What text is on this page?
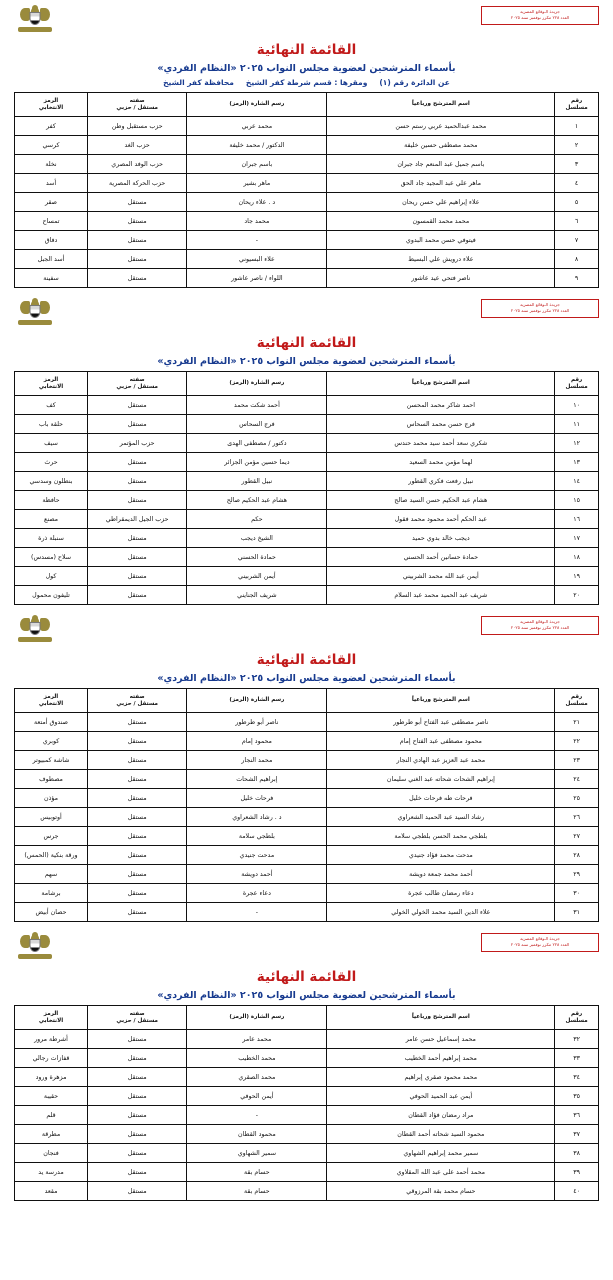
جريدة الـوقائع المصرية
العدد ٢٢٨ مكرر نوفمبر سنة ٢٠٢٥
القائمة النهائية
بأسماء المترشحين لعضوية مجلس النواب ٢٠٢٥ «النظام الفردي»
عن الدائرة رقم (١)ومقرها : قسم شرطة كفر الشيخمحافظة كفر الشيخ
رقم
مسلسل	اسم المترشح ورباعياً	رسم الشارة (الرمز)	صفته
مستقل / حزبي	الرمز
الانتخابي

١	محمد عبدالحميد عربي رستم حسن	محمد عربي	حزب مستقبل وطن	كفر
٢	محمد مصطفى حسين خليفة	الدكتور / محمد خليفة	حزب الغد	كرسي
٣	باسم جميل عبد المنعم جاد جبران	باسم جبران	حزب الوفد المصري	نخلة
٤	ماهر علي عبد المجيد جاد الحق	ماهر بشير	حزب الحركة المصرية	أسد
٥	علاء إبراهيم علي حسن ريحان	د . علاء ريحان	مستقل	صقر
٦	محمد محمد القمسون	محمد جاد	مستقل	تمساح
٧	فيتوفي حسن محمد البدوي	-	مستقل	دفاق
٨	علاء درويش علي البسيط	علاء البسيوني	مستقل	أسد الجبل
٩	ناصر فتحي عيد عاشور	اللواء / ناصر عاشور	مستقل	سفينة
جريدة الـوقائع المصرية
العدد ٢٢٨ مكرر نوفمبر سنة ٢٠٢٥
القائمة النهائية
بأسماء المترشحين لعضوية مجلس النواب ٢٠٢٥ «النظام الفردي»
رقم
مسلسل	اسم المترشح ورباعياً	رسم الشارة (الرمز)	صفته
مستقل / حزبي	الرمز
الانتخابي

١٠	احمد شاكر محمد المحسن	أحمد شكت محمد	مستقل	كف
١١	فرج حسن محمد السحاس	فرج السحاس	مستقل	حلقة باب
١٢	شكري سعد أحمد سيد محمد حندس	دكتور / مصطفى الهدى	حزب المؤتمر	سيف
١٣	لهما مؤمن محمد السعيد	ديما حسين مؤمن الجزائر	مستقل	حرث
١٤	نبيل رفعت فكري القطور	نبيل القطور	مستقل	بنطلون وسدسي
١٥	هشام عبد الحكيم حسن السيد صالح	هشام عبد الحكيم صالح	مستقل	حافظة
١٦	عبد الحكم أحمد محمود محمد فقول	حكم	حزب الجيل الديمقراطي	مصنع
١٧	ديجب خالد بدوي حميد	الشيخ ديجب	مستقل	سنبلة ذرة
١٨	حمادة حسانين أحمد الحسني	حمادة الحسني	مستقل	سلاح (مسدس)
١٩	أيمن عبد الله محمد الشربيني	أيمن الشربيني	مستقل	كول
٢٠	شريف عبد الحميد محمد عبد السلام	شريف الجنايني	مستقل	تليفون محمول
جريدة الـوقائع المصرية
العدد ٢٢٨ مكرر نوفمبر سنة ٢٠٢٥
القائمة النهائية
بأسماء المترشحين لعضوية مجلس النواب ٢٠٢٥ «النظام الفردي»
رقم
مسلسل	اسم المترشح ورباعياً	رسم الشارة (الرمز)	صفته
مستقل / حزبي	الرمز
الانتخابي

٢١	ناصر مصطفى عبد الفتاح أبو طرطور	ناصر أبو طرطور	مستقل	صندوق أمتعة
٢٢	محمود مصطفى عبد الفتاح إمام	محمود إمام	مستقل	كوبري
٢٣	محمد عبد العزيز عبد الهادي النجار	محمد النجار	مستقل	شاشة كمبيوتر
٢٤	إبراهيم الشحات شحاته عبد الغني سليمان	إبراهيم الشحات	مستقل	مصطوف
٢٥	فرحات طه فرحات خليل	فرحات خليل	مستقل	مؤذن
٢٦	رشاد السيد عبد الحميد الشعراوي	د . رشاد الشعراوي	مستقل	أوتوبيس
٢٧	بلطجي محمد الحسن بلطجي سلامة	بلطجي سلامة	مستقل	جرس
٢٨	مدحت محمد فؤاد جنيدي	مدحت جنيدي	مستقل	ورقة بنكية (الحمس)
٢٩	أحمد محمد جمعة دويشة	أحمد دويشة	مستقل	سهم
٣٠	دعاء رمضان طالب عجرة	دعاء عجرة	مستقل	برشامة
٣١	علاء الدين السيد محمد الخولي الخولي	-	مستقل	حصان أبيض
جريدة الـوقائع المصرية
العدد ٢٢٨ مكرر نوفمبر سنة ٢٠٢٥
القائمة النهائية
بأسماء المترشحين لعضوية مجلس النواب ٢٠٢٥ «النظام الفردي»
رقم
مسلسل	اسم المترشح ورباعياً	رسم الشارة (الرمز)	صفته
مستقل / حزبي	الرمز
الانتخابي

٣٢	محمد إسماعيل حسن عامر	محمد عامر	مستقل	أشرطة مرور
٣٣	محمد إبراهيم أحمد الخطيب	محمد الخطيب	مستقل	قفازات رجالي
٣٤	محمد محمود صقري إبراهيم	محمد الصقري	مستقل	مزهرة ورود
٣٥	أيمن عبد الحميد الحوفي	أيمن الحوفي	مستقل	حقيبة
٣٦	مراد رمضان فؤاد القطان	-	مستقل	قلم
٣٧	محمود السيد شحاته أحمد القطان	محمود القطان	مستقل	مطرقة
٣٨	سمير محمد إبراهيم الشهاوي	سمير الشهاوي	مستقل	فنجان
٣٩	محمد أحمد على عبد الله المقلاوي	حسام بقة	مستقل	مدرسة يد
٤٠	حسام محمد بقة المرزوقي	حسام بقة	مستقل	مقعد
